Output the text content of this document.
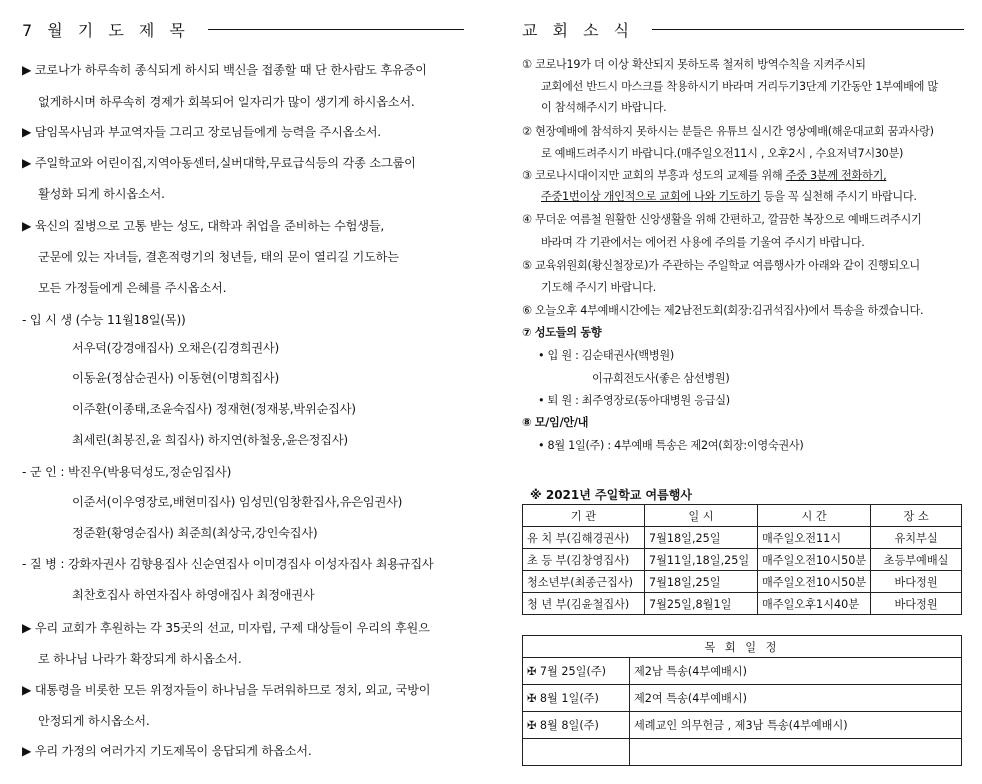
7 월 기 도 제 목
▶ 코로나가 하루속히 종식되게 하시되 백신을 접종할 때 단 한사람도 후유증이
없게하시며 하루속히 경제가 회복되어 일자리가 많이 생기게 하시옵소서.
▶ 담임목사님과 부교역자들 그리고 장로님들에게 능력을 주시옵소서.
▶ 주일학교와 어린이집,지역아동센터,실버대학,무료급식등의 각종 소그룹이
활성화 되게 하시옵소서.
▶ 육신의 질병으로 고통 받는 성도, 대학과 취업을 준비하는 수험생들,
군문에 있는 자녀들, 결혼적령기의 청년들, 태의 문이 열리길 기도하는
모든 가정들에게 은혜를 주시옵소서.
- 입 시 생 (수능 11월18일(목))
서우덕(강경애집사) 오채은(김경희권사)
이동윤(정삼순권사) 이동현(이명희집사)
이주환(이종태,조윤숙집사) 정재현(정재봉,박위순집사)
최세린(최봉진,윤 희집사) 하지연(하철웅,윤은정집사)
- 군 인 : 박진우(박용덕성도,정순임집사)
이준서(이우영장로,배현미집사) 임성민(임창환집사,유은임권사)
정준환(황영순집사) 최준희(최상국,강인숙집사)
- 질 병 : 강화자권사 김향용집사 신순연집사 이미경집사 이성자집사 최용규집사
최찬호집사 하연자집사 하영애집사 최정애권사
▶ 우리 교회가 후원하는 각 35곳의 선교, 미자립, 구제 대상들이 우리의 후원으
로 하나님 나라가 확장되게 하시옵소서.
▶ 대통령을 비롯한 모든 위정자들이 하나님을 두려워하므로 정치, 외교, 국방이
안정되게 하시옵소서.
▶ 우리 가정의 여러가지 기도제목이 응답되게 하옵소서.
교 회 소 식
① 코로나19가 더 이상 확산되지 못하도록 철저히 방역수칙을 지켜주시되
교회에선 반드시 마스크를 착용하시기 바라며 거리두기3단계 기간동안 1부예배에 많
이 참석해주시기 바랍니다.
② 현장예배에 참석하지 못하시는 분들은 유튜브 실시간 영상예배(해운대교회 꿈과사랑)
로 예배드려주시기 바랍니다.(매주일오전11시 , 오후2시 , 수요저녁7시30분)
③ 코로나시대이지만 교회의 부흥과 성도의 교제를 위해 주중 3분께 전화하기,
주중1번이상 개인적으로 교회에 나와 기도하기 등을 꼭 실천해 주시기 바랍니다.
④ 무더운 여름철 원활한 신앙생활을 위해 간편하고, 깔끔한 복장으로 예배드려주시기
바라며 각 기관에서는 에어컨 사용에 주의를 기울여 주시기 바랍니다.
⑤ 교육위원회(황신철장로)가 주관하는 주일학교 여름행사가 아래와 같이 진행되오니
기도해 주시기 바랍니다.
⑥ 오늘오후 4부예배시간에는 제2남전도회(회장:김귀석집사)에서 특송을 하겠습니다.
⑦ 성도들의 동향
• 입 원 : 김순태권사(백병원)
이규희전도사(좋은 삼선병원)
• 퇴 원 : 최주영장로(동아대병원 응급실)
⑧ 모/임/안/내
• 8월 1일(주) : 4부예배 특송은 제2여(회장:이영숙권사)
※ 2021년 주일학교 여름행사
기 관	일 시	시 간	장 소
유 치 부(김해경권사)	7월18일,25일	매주일오전11시	유치부실
초 등 부(김창영집사)	7월11일,18일,25일	매주일오전10시50분	초등부예배실
청소년부(최종근집사)	7월18일,25일	매주일오전10시50분	바다정원
청 년 부(김윤철집사)	7월25일,8월1일	매주일오후1시40분	바다정원
목 회 일 정	
✠ 7월 25일(주)	제2남 특송(4부예배시)
✠ 8월 1일(주)	제2여 특송(4부예배시)
✠ 8월 8일(주)	세례교인 의무헌금 , 제3남 특송(4부예배시)
